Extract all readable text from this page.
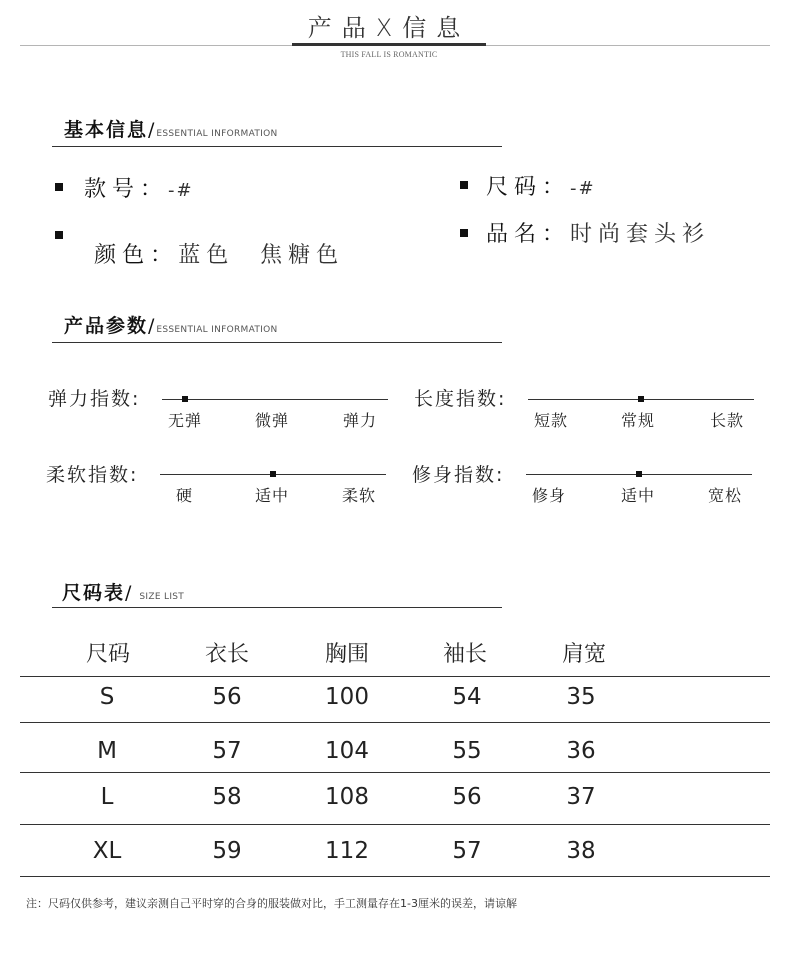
产品X信息
THIS FALL IS ROMANTIC
基本信息/ ESSENTIAL INFORMATION
款号：-#	尺码：-#

颜色：蓝色  焦糖色

品名：时尚套头衫
产品参数/ ESSENTIAL INFORMATION
弹力指数:
无弹	微弹	弹力
长度指数:
短款	常规	长款
柔软指数:
硬	适中	柔软
修身指数:
修身	适中	宽松
尺码表/ SIZE LIST
尺码	衣长	胸围	袖长	肩宽
S	56	100	54	35
M	57	104	55	36
L	58	108	56	37
XL	59	112	57	38
注：尺码仅供参考，建议亲测自己平时穿的合身的服装做对比，手工测量存在1-3厘米的误差，请谅解
